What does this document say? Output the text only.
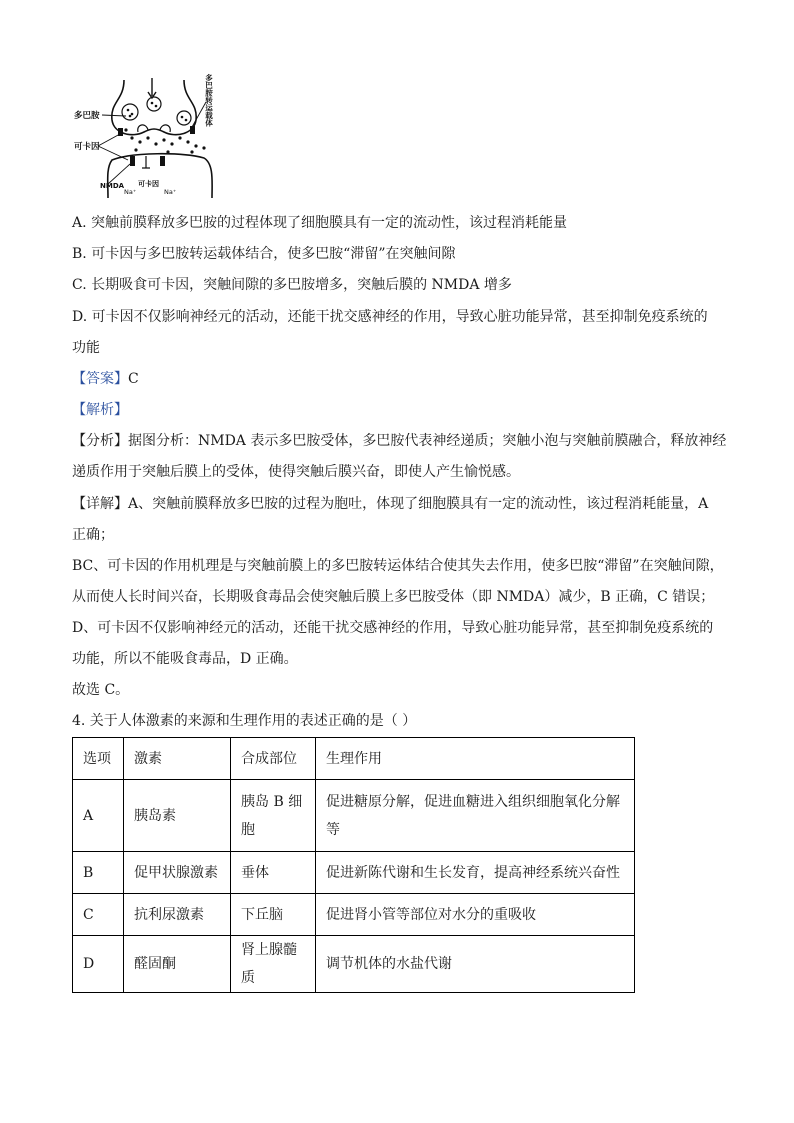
多巴胺
可卡因
NMDA 可卡因
Na⁺	Na⁺
多巴胺转运载体
A. 突触前膜释放多巴胺的过程体现了细胞膜具有一定的流动性，该过程消耗能量
B. 可卡因与多巴胺转运载体结合，使多巴胺“滞留”在突触间隙
C. 长期吸食可卡因，突触间隙的多巴胺增多，突触后膜的 NMDA 增多
D. 可卡因不仅影响神经元的活动，还能干扰交感神经的作用，导致心脏功能异常，甚至抑制免疫系统的
功能
【答案】C
【解析】
【分析】据图分析：NMDA 表示多巴胺受体，多巴胺代表神经递质；突触小泡与突触前膜融合，释放神经
递质作用于突触后膜上的受体，使得突触后膜兴奋，即使人产生愉悦感。
【详解】A、突触前膜释放多巴胺的过程为胞吐，体现了细胞膜具有一定的流动性，该过程消耗能量，A
正确；
BC、可卡因的作用机理是与突触前膜上的多巴胺转运体结合使其失去作用，使多巴胺“滞留”在突触间隙，
从而使人长时间兴奋，长期吸食毒品会使突触后膜上多巴胺受体（即 NMDA）减少，B 正确，C 错误；
D、可卡因不仅影响神经元的活动，还能干扰交感神经的作用，导致心脏功能异常，甚至抑制免疫系统的
功能，所以不能吸食毒品，D 正确。
故选 C。
4. 关于人体激素的来源和生理作用的表述正确的是（ ）
选项	激素	合成部位	生理作用
A	胰岛素	胰岛 B 细胞	促进糖原分解，促进血糖进入组织细胞氧化分解等
B	促甲状腺激素	垂体	促进新陈代谢和生长发育，提高神经系统兴奋性
C	抗利尿激素	下丘脑	促进肾小管等部位对水分的重吸收
D	醛固酮	肾上腺髓质	调节机体的水盐代谢
